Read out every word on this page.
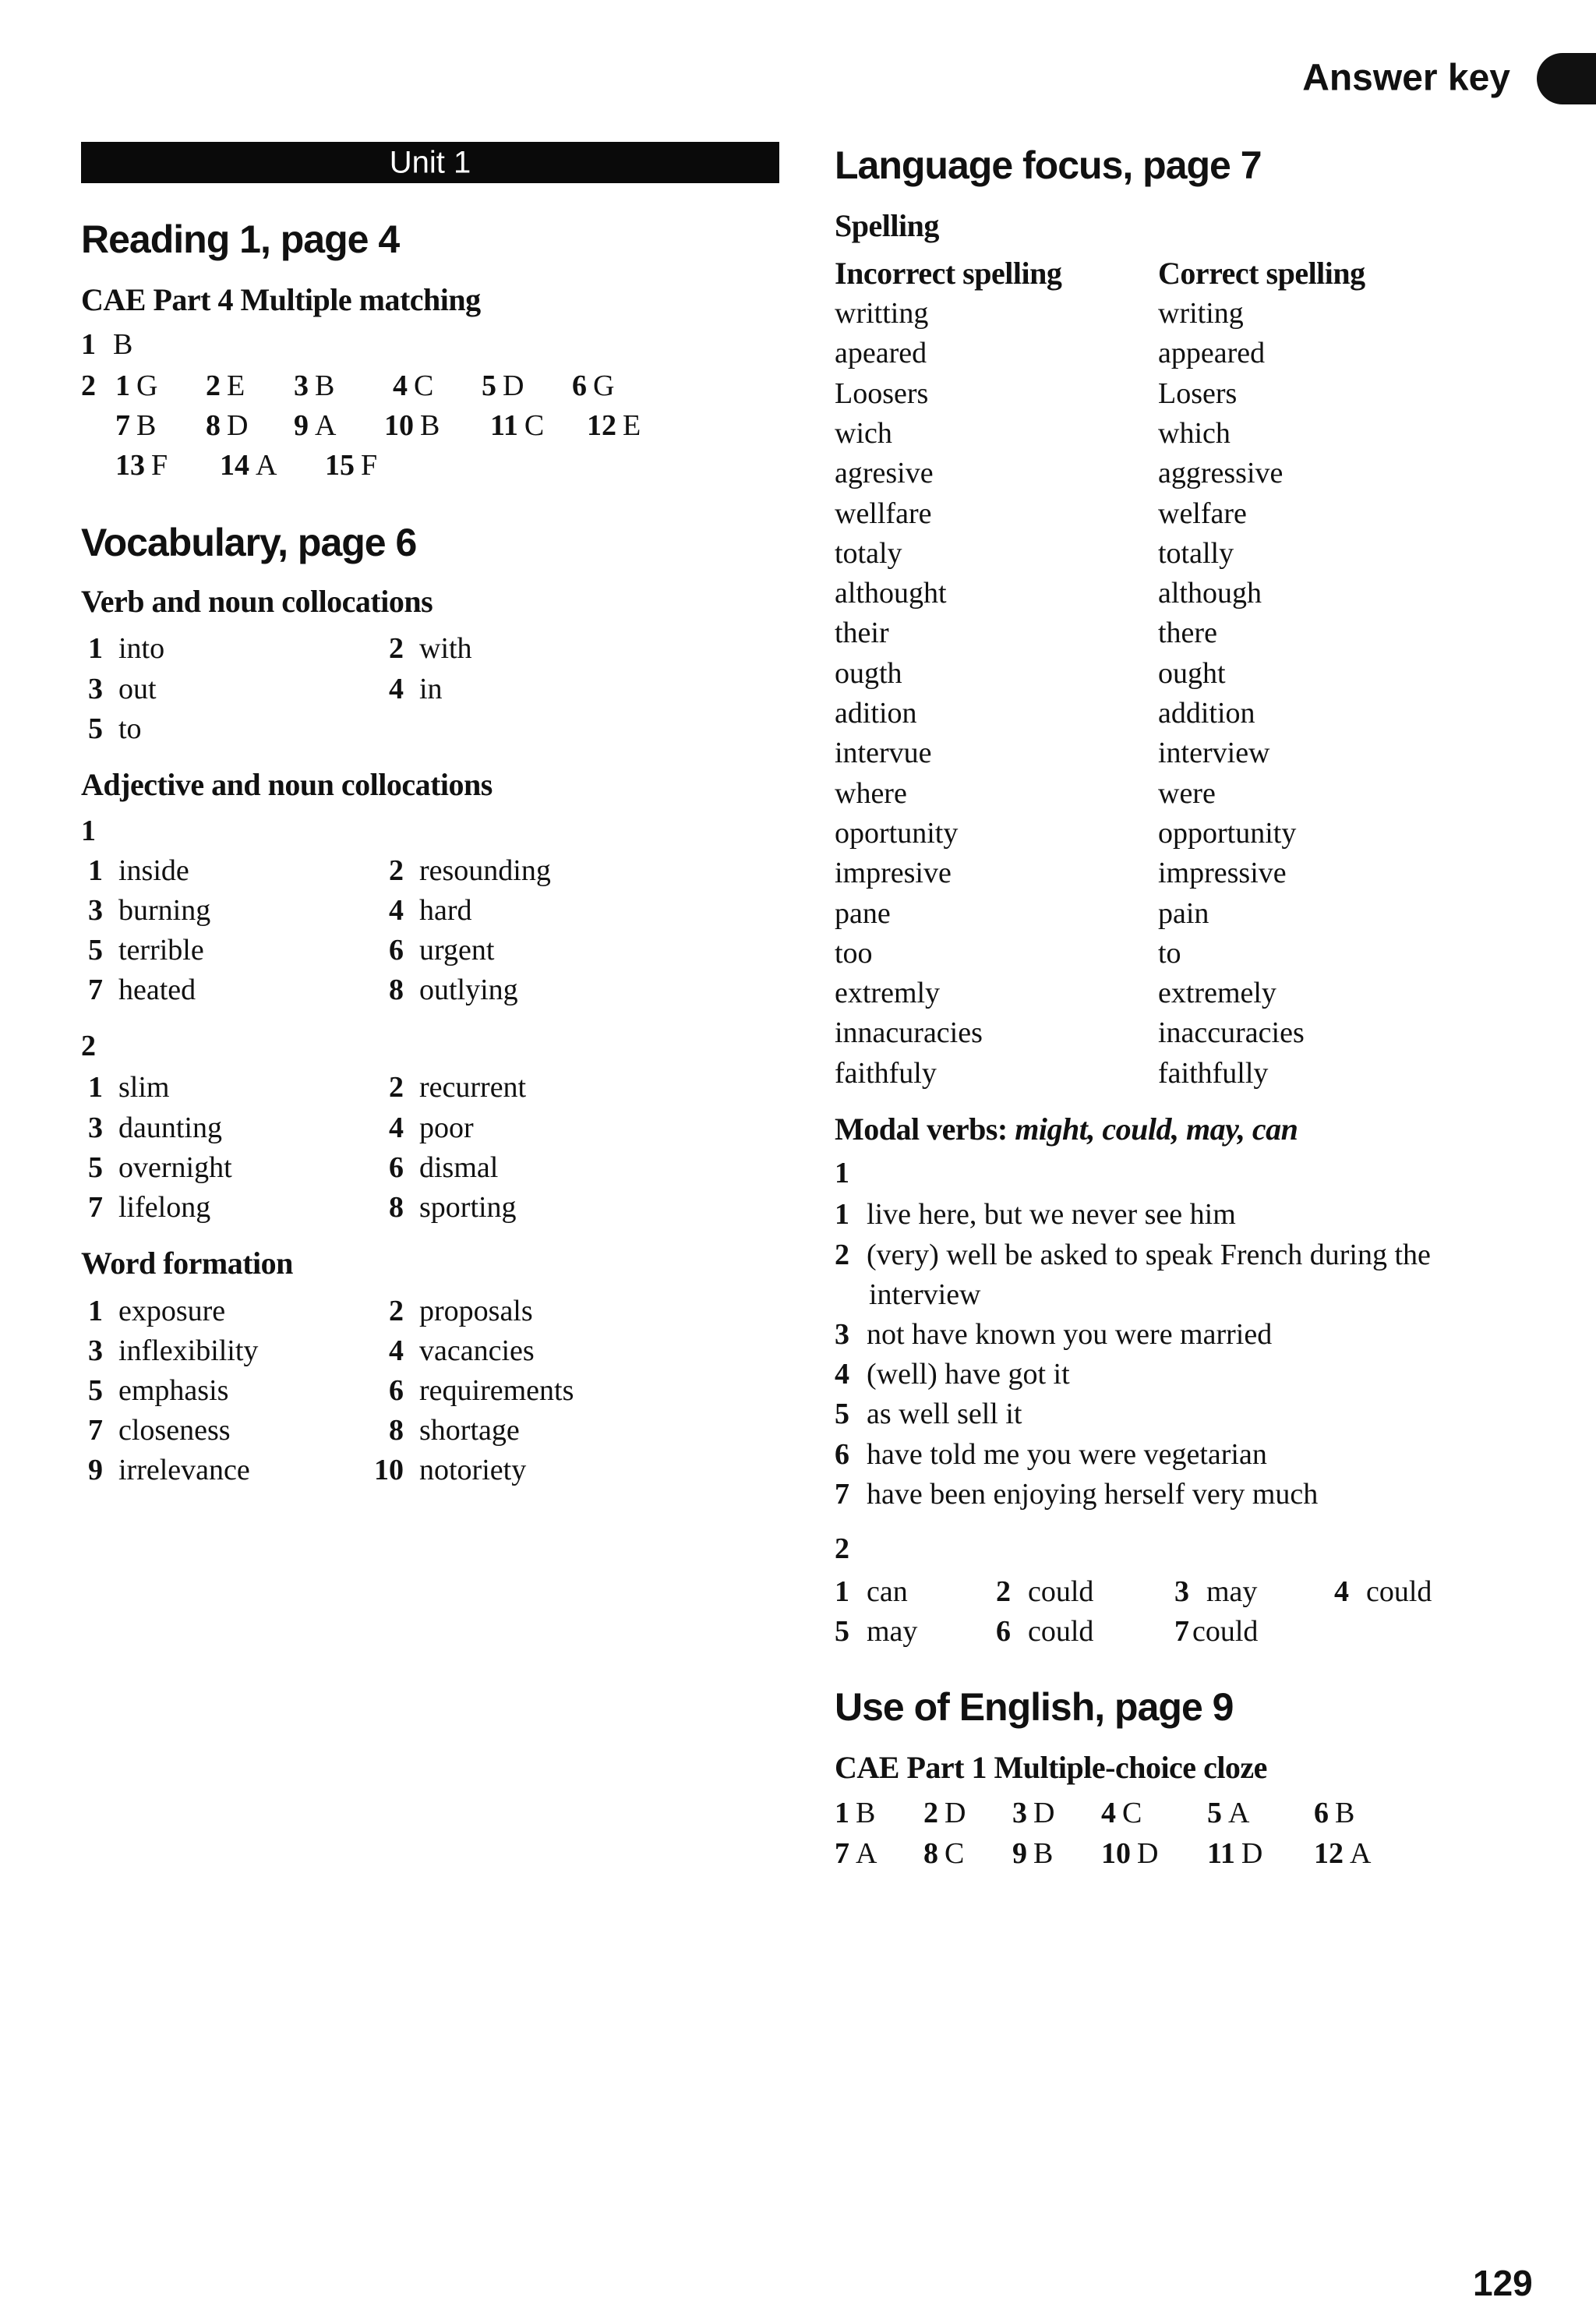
Answer key
Unit 1
129
Reading 1, page 4
CAE Part 4 Multiple matching
1 B
2 1 G 2 E 3 B 4 C 5 D 6 G
7 B 8 D 9 A 10 B 11 C 12 E
13 F 14 A 15 F
Vocabulary, page 6
Verb and noun collocations
1 into	2 with
3 out	4 in
5 to
Adjective and noun collocations
1
1 inside	2 resounding
3 burning	4 hard
5 terrible	6 urgent
7 heated	8 outlying
2
1 slim	2 recurrent
3 daunting	4 poor
5 overnight	6 dismal
7 lifelong	8 sporting
Word formation
1 exposure	2 proposals
3 inflexibility	4 vacancies
5 emphasis	6 requirements
7 closeness	8 shortage
9 irrelevance	10 notoriety
Language focus, page 7
Spelling
Incorrect spelling	Correct spelling
writting	writing
apeared	appeared
Loosers	Losers
wich	which
agresive	aggressive
wellfare	welfare
totaly	totally
althought	although
their	there
ougth	ought
adition	addition
intervue	interview
where	were
oportunity	opportunity
impresive	impressive
pane	pain
too	to
extremly	extremely
innacuracies	inaccuracies
faithfuly	faithfully
Modal verbs: might, could, may, can
1
1 live here, but we never see him
2 (very) well be asked to speak French during the
interview
3 not have known you were married
4 (well) have got it
5 as well sell it
6 have told me you were vegetarian
7 have been enjoying herself very much
2
1 can	2 could	3 may	4 could
5 may	6 could	7 could
Use of English, page 9
CAE Part 1 Multiple-choice cloze
1 B 2 D 3 D 4 C 5 A 6 B
7 A 8 C 9 B 10 D 11 D 12 A
